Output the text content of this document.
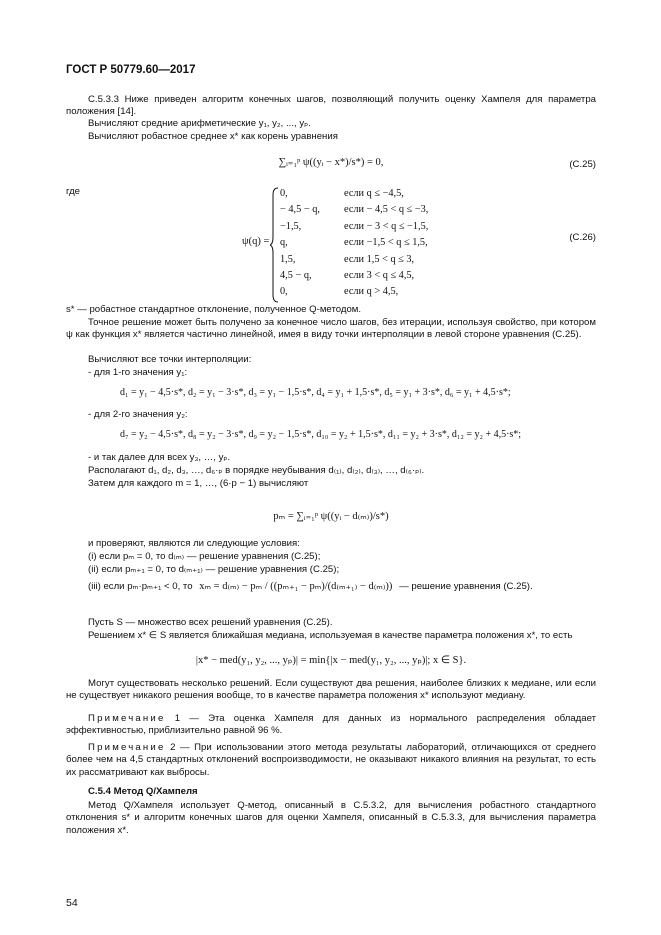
ГОСТ Р 50779.60—2017

С.5.3.3 Ниже приведен алгоритм конечных шагов, позволяющий получить оценку Хампеля для параметра положения [14].

Вычисляют средние арифметические y₁, y₂, ..., yₚ.

Вычисляют робастное среднее x* как корень уравнения

∑ᵢ₌₁ᵖ ψ((yᵢ − x*)/s*) = 0,	(C.25)
где
ψ(q) =
0,	если q ≤ −4,5,
− 4,5 − q, если − 4,5 < q ≤ −3,
−1,5,	если − 3 < q ≤ −1,5,
q,	если −1,5 < q ≤ 1,5,
1,5,	если 1,5 < q ≤ 3,
4,5 − q,	если 3 < q ≤ 4,5,
0,	если q > 4,5,
(C.26)

s* — робастное стандартное отклонение, полученное Q-методом.

Точное решение может быть получено за конечное число шагов, без итерации, используя свойство, при котором ψ как функция x* является частично линейной, имея в виду точки интерполяции в левой стороне уравнения (С.25).

Вычисляют все точки интерполяции:

- для 1-го значения y₁:

d₁ = y₁ − 4,5·s*, d₂ = y₁ − 3·s*, d₃ = y₁ − 1,5·s*, d₄ = y₁ + 1,5·s*, d₅ = y₁ + 3·s*, d₆ = y₁ + 4,5·s*;

- для 2-го значения y₂:

d₇ = y₂ − 4,5·s*, d₈ = y₂ − 3·s*, d₉ = y₂ − 1,5·s*, d₁₀ = y₂ + 1,5·s*, d₁₁ = y₂ + 3·s*, d₁₂ = y₂ + 4,5·s*;

- и так далее для всех y₃, …, yₚ.

Располагают d₁, d₂, d₃, …, d₆·ₚ в порядке неубывания d₍₁₎, d₍₂₎, d₍₃₎, …, d₍₆·ₚ₎.

Затем для каждого m = 1, …, (6·p − 1) вычисляют

pₘ = ∑ᵢ₌₁ᵖ ψ((yᵢ − d₍ₘ₎)/s*)

и проверяют, являются ли следующие условия:

(i) если pₘ = 0, то d₍ₘ₎ — решение уравнения (С.25);

(ii) если pₘ₊₁ = 0, то d₍ₘ₊₁₎ — решение уравнения (С.25);

(iii) если pₘ·pₘ₊₁ < 0, то xₘ = d₍ₘ₎ − pₘ / ((pₘ₊₁ − pₘ)/(d₍ₘ₊₁₎ − d₍ₘ₎)) — решение уравнения (С.25).

Пусть S — множество всех решений уравнения (С.25).

Решением x* ∈ S является ближайшая медиана, используемая в качестве параметра положения x*, то есть

|x* − med(y₁, y₂, ..., yₚ)| = min{|x − med(y₁, y₂, ..., yₚ)|; x ∈ S}.

Могут существовать несколько решений. Если существуют два решения, наиболее близких к медиане, или если не существует никакого решения вообще, то в качестве параметра положения x* используют медиану.

Примечание 1 — Эта оценка Хампеля для данных из нормального распределения обладает эффективностью, приблизительно равной 96 %.

Примечание 2 — При использовании этого метода результаты лабораторий, отличающихся от среднего более чем на 4,5 стандартных отклонений воспроизводимости, не оказывают никакого влияния на результат, то есть их рассматривают как выбросы.

С.5.4 Метод Q/Хампеля

Метод Q/Хампеля использует Q-метод, описанный в С.5.3.2, для вычисления робастного стандартного отклонения s* и алгоритм конечных шагов для оценки Хампеля, описанный в С.5.3.3, для вычисления параметра положения x*.

54
